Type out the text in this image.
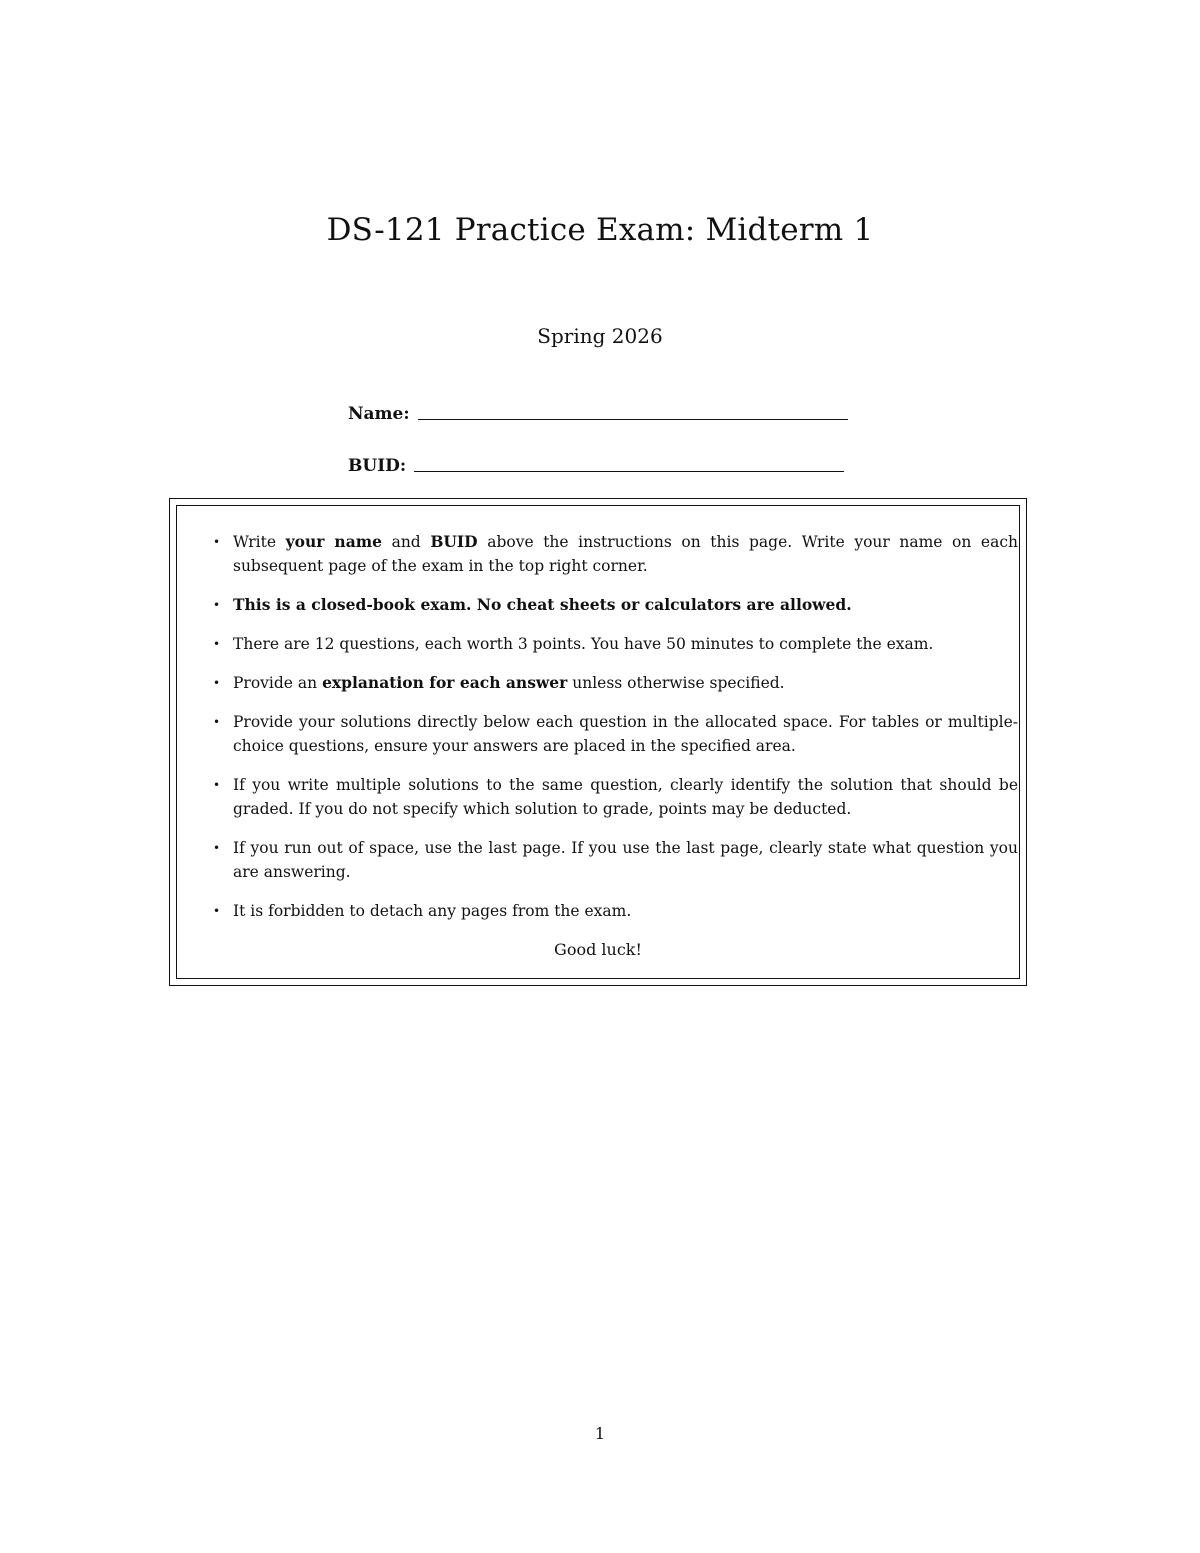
DS-121 Practice Exam: Midterm 1

Spring 2026

Name:
BUID:
• Write your name and BUID above the instructions on this page. Write your name on each subsequent page of the exam in the top right corner.
• This is a closed-book exam. No cheat sheets or calculators are allowed.
• There are 12 questions, each worth 3 points. You have 50 minutes to complete the exam.
• Provide an explanation for each answer unless otherwise specified.
• Provide your solutions directly below each question in the allocated space. For tables or multiple-choice questions, ensure your answers are placed in the specified area.
• If you write multiple solutions to the same question, clearly identify the solution that should be graded. If you do not specify which solution to grade, points may be deducted.
• If you run out of space, use the last page. If you use the last page, clearly state what question you are answering.
• It is forbidden to detach any pages from the exam.
Good luck!
1
